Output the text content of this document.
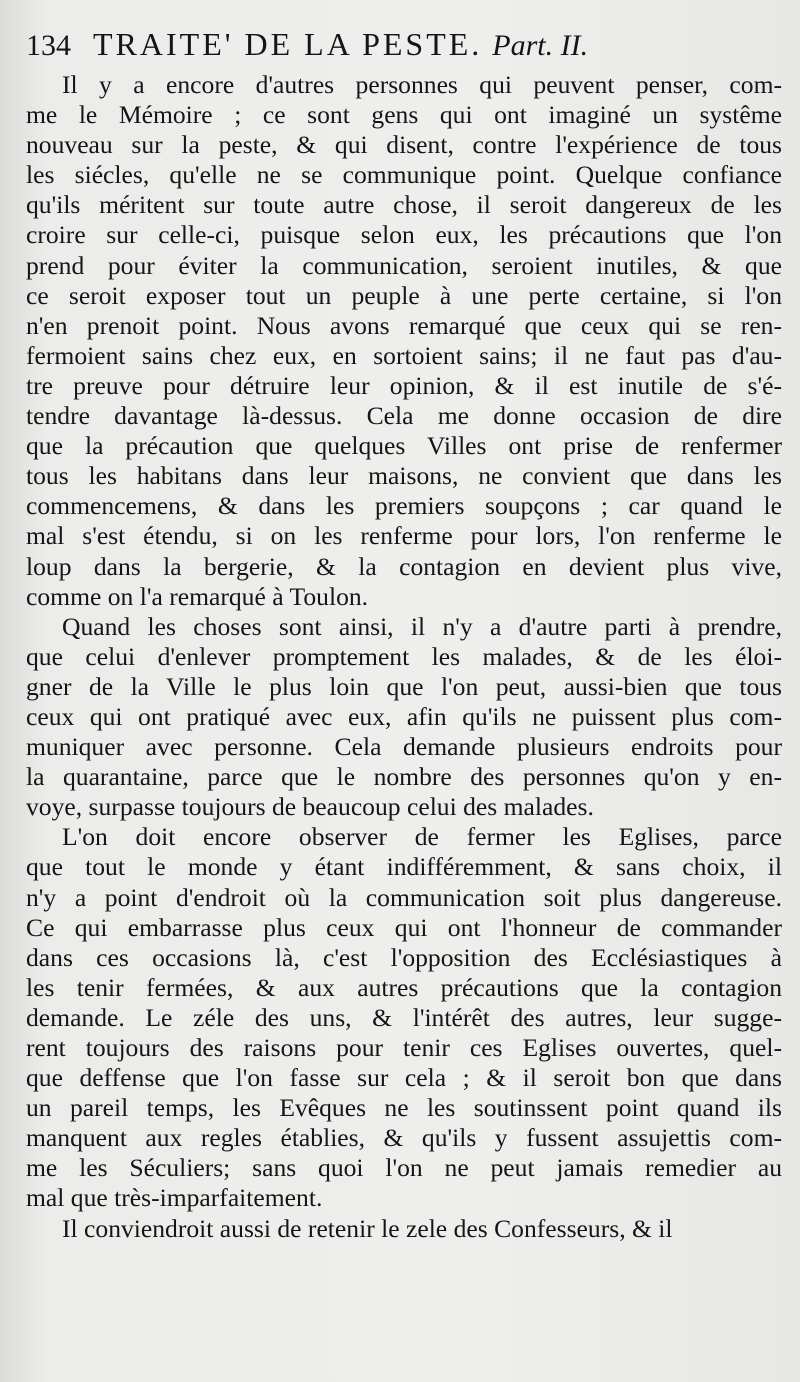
134 TRAITE' DE LA PESTE. Part. II.
Il y a encore d'autres personnes qui peuvent penser, com-
me le Mémoire ; ce sont gens qui ont imaginé un systême
nouveau sur la peste, & qui disent, contre l'expérience de tous
les siécles, qu'elle ne se communique point. Quelque confiance
qu'ils méritent sur toute autre chose, il seroit dangereux de les
croire sur celle-ci, puisque selon eux, les précautions que l'on
prend pour éviter la communication, seroient inutiles, & que
ce seroit exposer tout un peuple à une perte certaine, si l'on
n'en prenoit point. Nous avons remarqué que ceux qui se ren-
fermoient sains chez eux, en sortoient sains; il ne faut pas d'au-
tre preuve pour détruire leur opinion, & il est inutile de s'é-
tendre davantage là-dessus. Cela me donne occasion de dire
que la précaution que quelques Villes ont prise de renfermer
tous les habitans dans leur maisons, ne convient que dans les
commencemens, & dans les premiers soupçons ; car quand le
mal s'est étendu, si on les renferme pour lors, l'on renferme le
loup dans la bergerie, & la contagion en devient plus vive,
comme on l'a remarqué à Toulon.
Quand les choses sont ainsi, il n'y a d'autre parti à prendre,
que celui d'enlever promptement les malades, & de les éloi-
gner de la Ville le plus loin que l'on peut, aussi-bien que tous
ceux qui ont pratiqué avec eux, afin qu'ils ne puissent plus com-
muniquer avec personne. Cela demande plusieurs endroits pour
la quarantaine, parce que le nombre des personnes qu'on y en-
voye, surpasse toujours de beaucoup celui des malades.
L'on doit encore observer de fermer les Eglises, parce
que tout le monde y étant indifféremment, & sans choix, il
n'y a point d'endroit où la communication soit plus dangereuse.
Ce qui embarrasse plus ceux qui ont l'honneur de commander
dans ces occasions là, c'est l'opposition des Ecclésiastiques à
les tenir fermées, & aux autres précautions que la contagion
demande. Le zéle des uns, & l'intérêt des autres, leur sugge-
rent toujours des raisons pour tenir ces Eglises ouvertes, quel-
que deffense que l'on fasse sur cela ; & il seroit bon que dans
un pareil temps, les Evêques ne les soutinssent point quand ils
manquent aux regles établies, & qu'ils y fussent assujettis com-
me les Séculiers; sans quoi l'on ne peut jamais remedier au
mal que très-imparfaitement.
Il conviendroit aussi de retenir le zele des Confesseurs, & il
